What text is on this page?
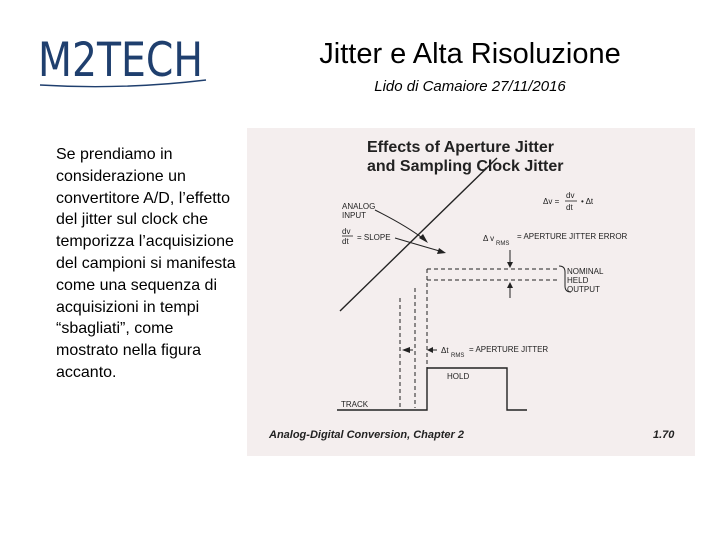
M2TECH	Jitter e Alta Risoluzione
Lido di Camaiore 27/11/2016
Se prendiamo in considerazione un convertitore A/D, l’effetto del jitter sul clock che temporizza l’acquisizione del campioni si manifesta come una sequenza di acquisizioni in tempi “sbagliati”, come mostrato nella figura accanto.
Effects of Aperture Jitter
and Sampling Clock Jitter
ANALOG
INPUT
dv
dt = SLOPE
Δv =
dv
dt
• Δt
Δ v
RMS
= APERTURE JITTER ERROR
NOMINAL
HELD
OUTPUT
Δt
RMS
= APERTURE JITTER
HOLD
TRACK
Analog-Digital Conversion, Chapter 2	1.70
